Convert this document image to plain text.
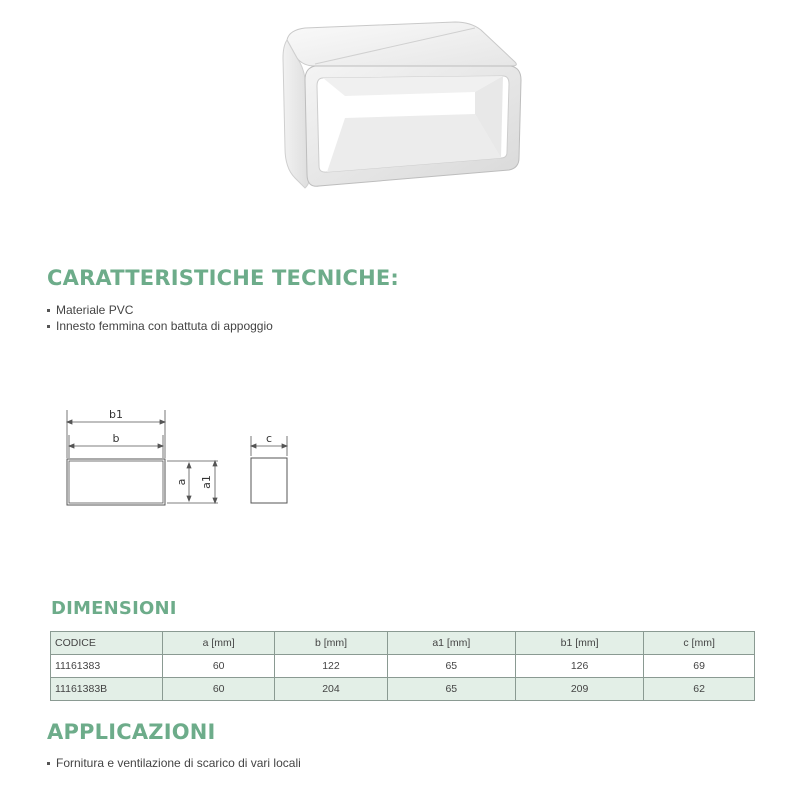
CARATTERISTICHE TECNICHE:
Materiale PVC
Innesto femmina con battuta di appoggio
b1
b
a a1
c
DIMENSIONI
CODICE	a [mm]	b [mm]	a1 [mm]	b1 [mm]	c [mm]
11161383	60	122	65	126	69
11161383B	60	204	65	209	62
APPLICAZIONI
Fornitura e ventilazione di scarico di vari locali
